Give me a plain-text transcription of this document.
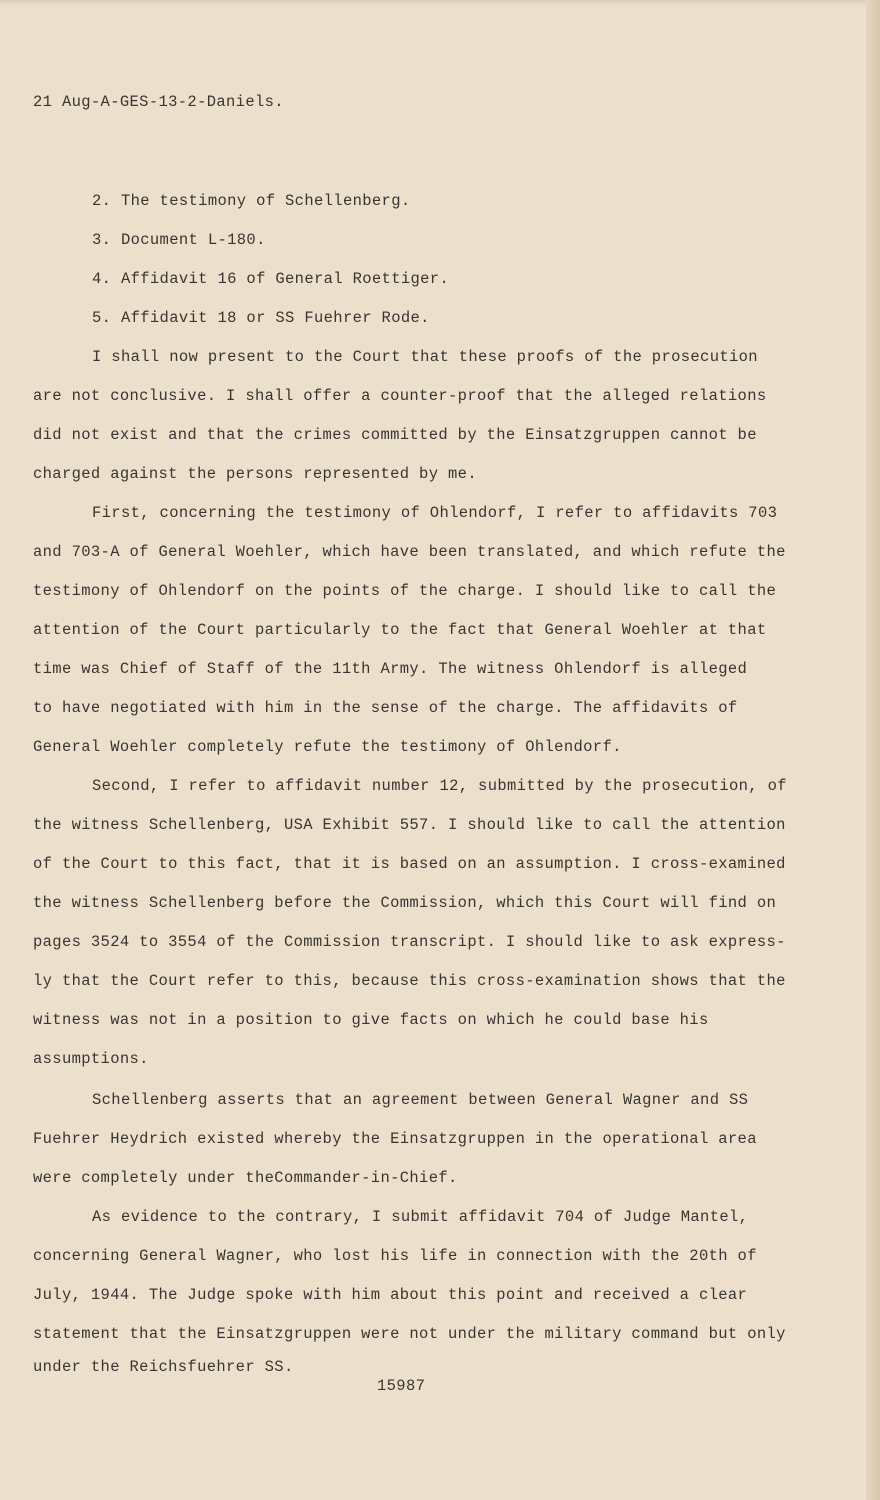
21 Aug-A-GES-13-2-Daniels.
2. The testimony of Schellenberg.
3. Document L-180.
4. Affidavit 16 of General Roettiger.
5. Affidavit 18 or SS Fuehrer Rode.
I shall now present to the Court that these proofs of the prosecution
are not conclusive. I shall offer a counter-proof that the alleged relations
did not exist and that the crimes committed by the Einsatzgruppen cannot be
charged against the persons represented by me.
First, concerning the testimony of Ohlendorf, I refer to affidavits 703
and 703-A of General Woehler, which have been translated, and which refute the
testimony of Ohlendorf on the points of the charge. I should like to call the
attention of the Court particularly to the fact that General Woehler at that
time was Chief of Staff of the 11th Army. The witness Ohlendorf is alleged
to have negotiated with him in the sense of the charge. The affidavits of
General Woehler completely refute the testimony of Ohlendorf.
Second, I refer to affidavit number 12, submitted by the prosecution, of
the witness Schellenberg, USA Exhibit 557. I should like to call the attention
of the Court to this fact, that it is based on an assumption. I cross-examined
the witness Schellenberg before the Commission, which this Court will find on
pages 3524 to 3554 of the Commission transcript. I should like to ask express-
ly that the Court refer to this, because this cross-examination shows that the
witness was not in a position to give facts on which he could base his
assumptions.
Schellenberg asserts that an agreement between General Wagner and SS
Fuehrer Heydrich existed whereby the Einsatzgruppen in the operational area
were completely under theCommander-in-Chief.
As evidence to the contrary, I submit affidavit 704 of Judge Mantel,
concerning General Wagner, who lost his life in connection with the 20th of
July, 1944. The Judge spoke with him about this point and received a clear
statement that the Einsatzgruppen were not under the military command but only
under the Reichsfuehrer SS.
15987
